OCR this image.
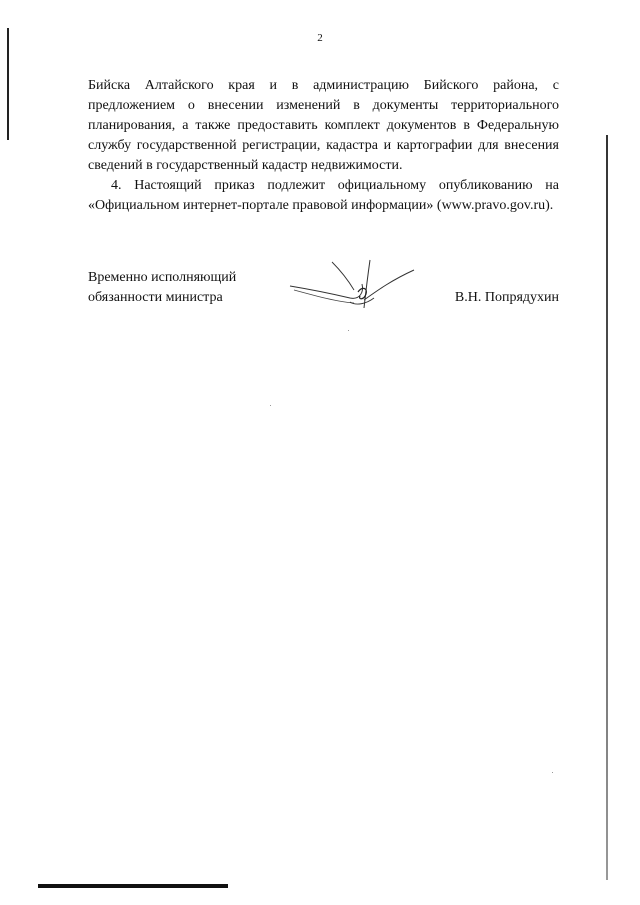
2

Бийска Алтайского края и в администрацию Бийского района, с предложением о внесении изменений в документы территориального планирования, а также предоставить комплект документов в Федеральную службу государственной регистрации, кадастра и картографии для внесения сведений в государственный кадастр недвижимости.

4. Настоящий приказ подлежит официальному опубликованию на «Официальном интернет-портале правовой информации» (www.pravo.gov.ru).

Временно исполняющий
обязанности министра	В.Н. Попрядухин
